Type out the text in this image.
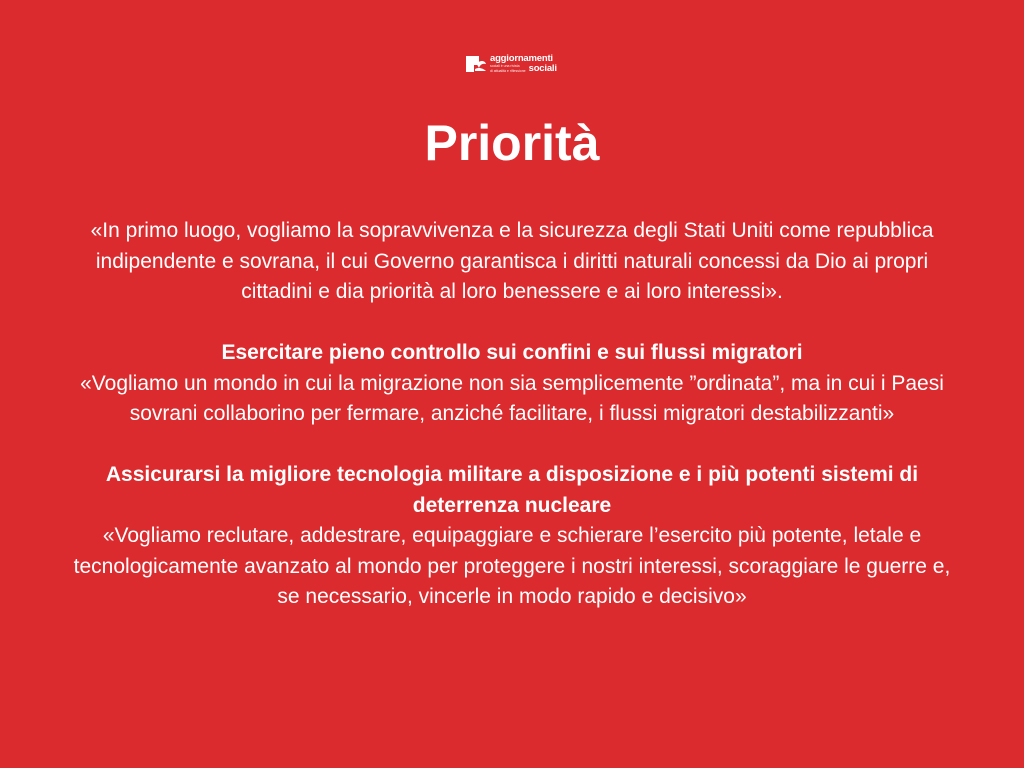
aggiornamenti
sociali è una rivista
di attualità e riflessione sociali
Priorità

«In primo luogo, vogliamo la sopravvivenza e la sicurezza degli Stati Uniti come repubblica indipendente e sovrana, il cui Governo garantisca i diritti naturali concessi da Dio ai propri cittadini e dia priorità al loro benessere e ai loro interessi».

Esercitare pieno controllo sui confini e sui flussi migratori

«Vogliamo un mondo in cui la migrazione non sia semplicemente ”ordinata”, ma in cui i Paesi sovrani collaborino per fermare, anziché facilitare, i flussi migratori destabilizzanti»

Assicurarsi la migliore tecnologia militare a disposizione e i più potenti sistemi di deterrenza nucleare

«Vogliamo reclutare, addestrare, equipaggiare e schierare l’esercito più potente, letale e tecnologicamente avanzato al mondo per proteggere i nostri interessi, scoraggiare le guerre e, se necessario, vincerle in modo rapido e decisivo»
